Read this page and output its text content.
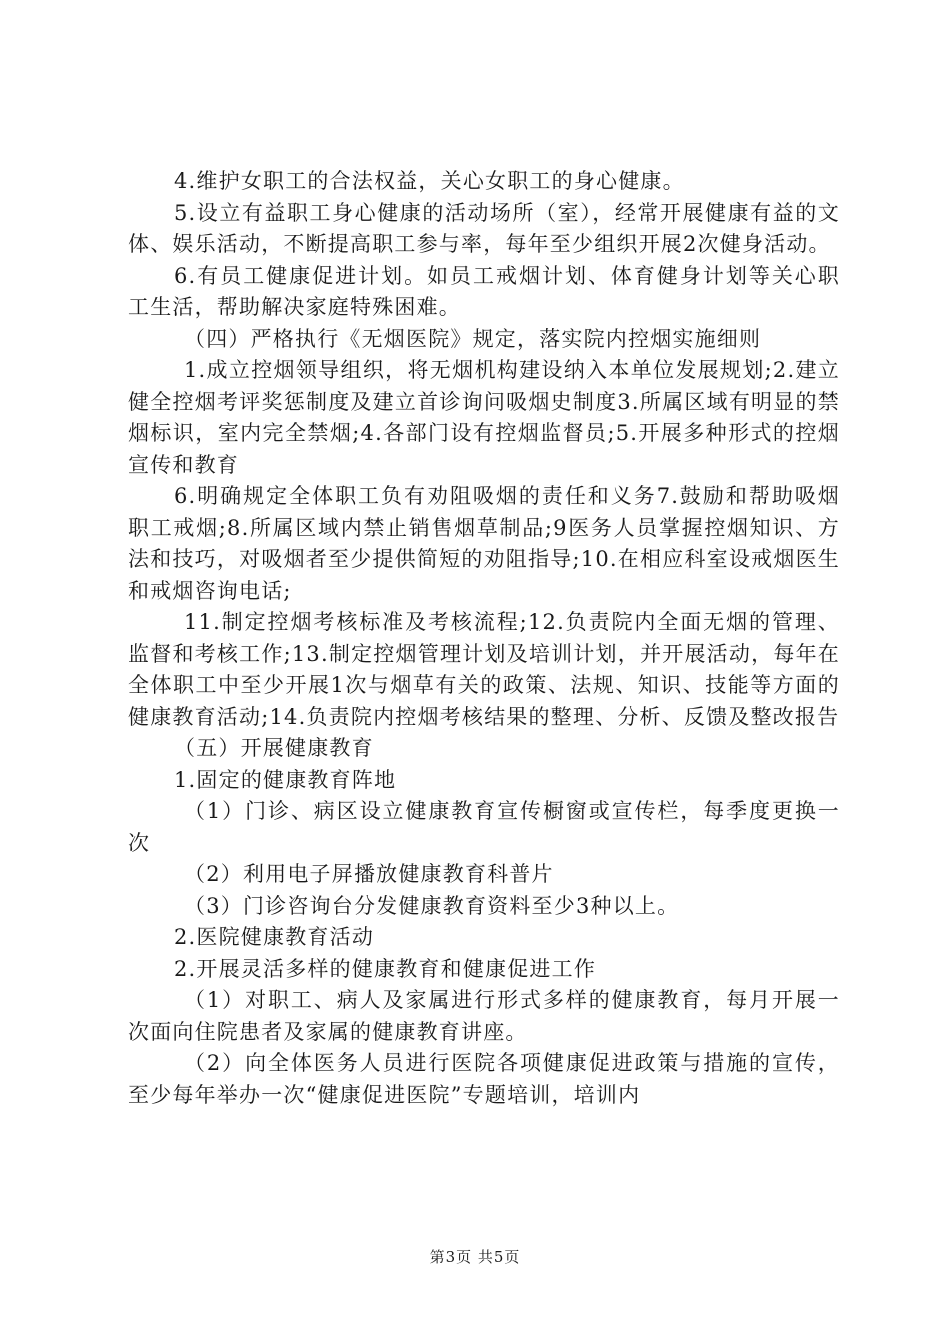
4.维护女职工的合法权益，关心女职工的身心健康。

5.设立有益职工身心健康的活动场所（室），经常开展健康有益的文体、娱乐活动，不断提高职工参与率，每年至少组织开展2次健身活动。

6.有员工健康促进计划。如员工戒烟计划、体育健身计划等关心职工生活，帮助解决家庭特殊困难。

（四）严格执行《无烟医院》规定，落实院内控烟实施细则

1.成立控烟领导组织，将无烟机构建设纳入本单位发展规划;2.建立健全控烟考评奖惩制度及建立首诊询问吸烟史制度3.所属区域有明显的禁烟标识，室内完全禁烟;4.各部门设有控烟监督员;5.开展多种形式的控烟宣传和教育

6.明确规定全体职工负有劝阻吸烟的责任和义务7.鼓励和帮助吸烟职工戒烟;8.所属区域内禁止销售烟草制品;9医务人员掌握控烟知识、方法和技巧，对吸烟者至少提供简短的劝阻指导;10.在相应科室设戒烟医生和戒烟咨询电话;

11.制定控烟考核标准及考核流程;12.负责院内全面无烟的管理、监督和考核工作;13.制定控烟管理计划及培训计划，并开展活动，每年在全体职工中至少开展1次与烟草有关的政策、法规、知识、技能等方面的健康教育活动;14.负责院内控烟考核结果的整理、分析、反馈及整改报告

（五）开展健康教育

1.固定的健康教育阵地

（1）门诊、病区设立健康教育宣传橱窗或宣传栏，每季度更换一次

（2）利用电子屏播放健康教育科普片

（3）门诊咨询台分发健康教育资料至少3种以上。

2.医院健康教育活动

2.开展灵活多样的健康教育和健康促进工作

（1）对职工、病人及家属进行形式多样的健康教育，每月开展一次面向住院患者及家属的健康教育讲座。

（2）向全体医务人员进行医院各项健康促进政策与措施的宣传，至少每年举办一次“健康促进医院”专题培训，培训内

第3页 共5页
